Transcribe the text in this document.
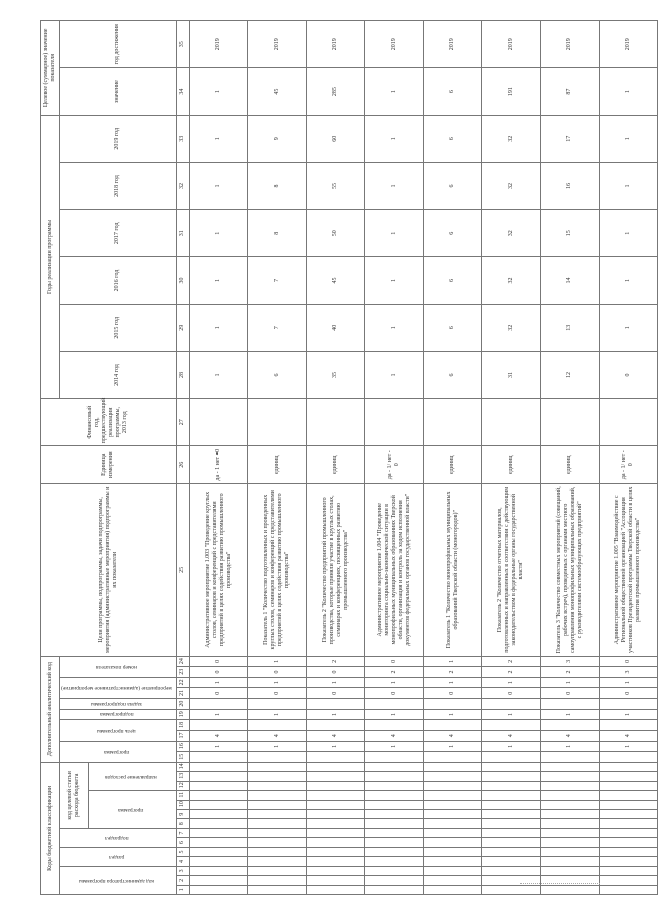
Коды бюджетной классификации														Дополнительный аналитический код										Цели программы, подпрограммы, задачи подпрограммы, мероприятия (административные мероприятия) подпрограммы и их показатели	Единица измерения	Финансовый год, предшествующий реализации программы, 2013 год	Годы реализации программы						Целевое (суммарное) значение показателя	
код администратора программы			раздел		подраздел		код целевой статьи расхода бюджета							программа		цель программы		подпрограмма	задача подпрограммы	мероприятие (административное мероприятие)		номер показателя					2014 год	2015 год	2016 год	2017 год	2018 год	2019 год	значение	год достижения
							программа				направление расходов																							
1	2	3	4	5	6	7	8	9	10	11	12	13	14	15	16	17	18	19	20	21	22	23	24	25	26	27	28	29	30	31	32	33	34	35
															1	4		1		0	1	0	0	Административное мероприятие 1.003 "Проведение круглых столов, семинаров и конференций с представителями предприятий в целях содействия развитию промышленного производства"	да - 1 нет - 0		1	1	1	1	1	1	1	2019
															1	4		1		0	1	0	1	Показатель 1 "Количество подготовленных и проведенных круглых столов, семинаров и конференций с представителями предприятий в целях содействия развитию промышленного производства"	единиц		6	7	7	8	8	9	45	2019
															1	4		1		0	1	0	2	Показатель 2 "Количество предприятий промышленного производства, которые приняли участие в круглых столах, семинарах и конференциях, посвященных развитию промышленного производства"	единиц		35	40	45	50	55	60	285	2019
															1	4		1		0	1	2	0	Административное мероприятие 1.004 "Проведение мониторинга социально-экономической ситуации в монопрофильных муниципальных образованиях Тверской области, организация и контроль за ходом исполнения документов федеральных органов государственной власти"	да - 1/ нет - 0		1	1	1	1	1	1	1	2019
															1	4		1		0	1	2	1	Показатель 1 "Количество монопрофильных муниципальных образований Тверской области (моногородов)"	единиц		6	6	6	6	6	6	6	2019
															1	4		1		0	1	2	2	Показатель 2 "Количество отчетных материалов, подготовленных и направленных в соответствии с действующим законодательством в федеральные органы государственной власти"	единиц		31	32	32	32	32	32	191	2019
															1	4		1		0	1	2	3	Показатель 3 "Количество совместных мероприятий (совещаний, рабочих встреч), проведенных с органами местного самоуправления монопрофильных муниципальных образований, с руководителями системообразующих предприятий"	единиц		12	13	14	15	16	17	87	2019
															1	4		1		0	1	3	0	Административное мероприятие 1.005 "Взаимодействие с Региональной общественной организацией "Ассоциация участников Президентской программы Тверской области в целях развития промышленного производства"	да - 1/ нет - 0		0	1	1	1	1	1	1	2019
